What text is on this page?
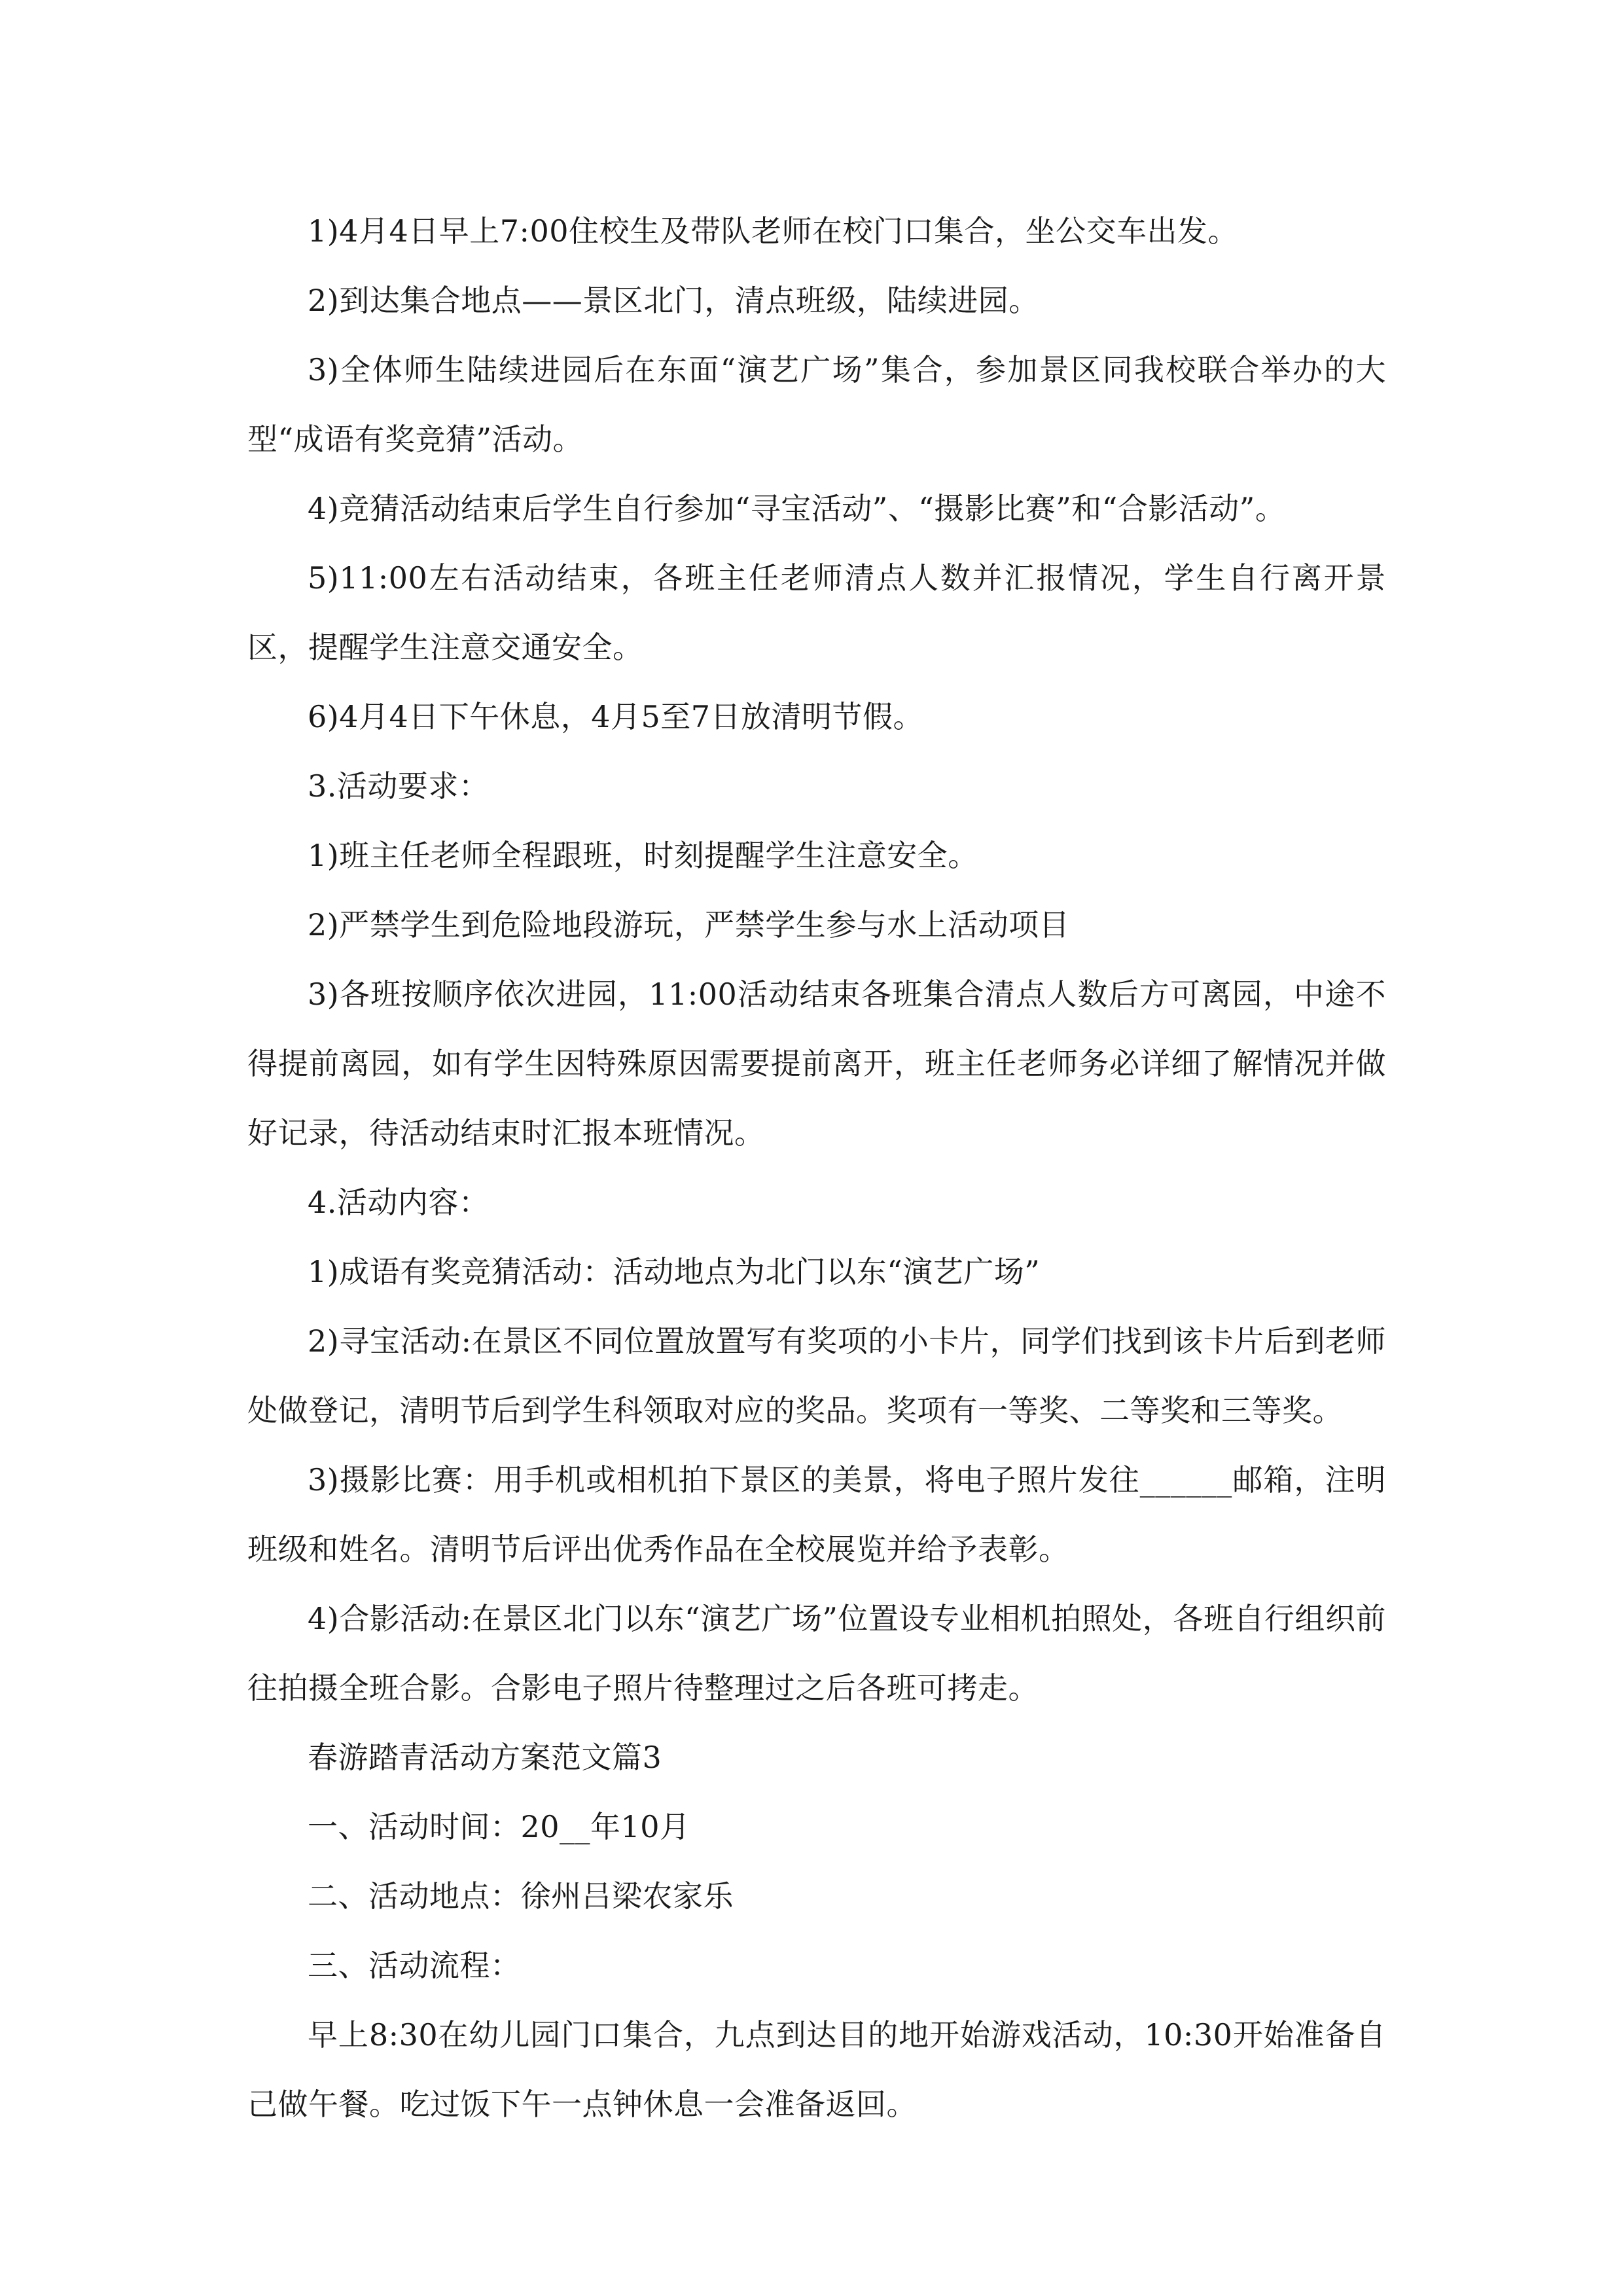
1)4月4日早上7:00住校生及带队老师在校门口集合，坐公交车出发。

2)到达集合地点——景区北门，清点班级，陆续进园。

3)全体师生陆续进园后在东面“演艺广场”集合，参加景区同我校联合举办的大型“成语有奖竞猜”活动。

4)竞猜活动结束后学生自行参加“寻宝活动”、“摄影比赛”和“合影活动”。

5)11:00左右活动结束，各班主任老师清点人数并汇报情况，学生自行离开景区，提醒学生注意交通安全。

6)4月4日下午休息，4月5至7日放清明节假。

3.活动要求：

1)班主任老师全程跟班，时刻提醒学生注意安全。

2)严禁学生到危险地段游玩，严禁学生参与水上活动项目

3)各班按顺序依次进园，11:00活动结束各班集合清点人数后方可离园，中途不得提前离园，如有学生因特殊原因需要提前离开，班主任老师务必详细了解情况并做好记录，待活动结束时汇报本班情况。

4.活动内容：

1)成语有奖竞猜活动：活动地点为北门以东“演艺广场”

2)寻宝活动:在景区不同位置放置写有奖项的小卡片，同学们找到该卡片后到老师处做登记，清明节后到学生科领取对应的奖品。奖项有一等奖、二等奖和三等奖。

3)摄影比赛：用手机或相机拍下景区的美景，将电子照片发往______邮箱，注明班级和姓名。清明节后评出优秀作品在全校展览并给予表彰。

4)合影活动:在景区北门以东“演艺广场”位置设专业相机拍照处，各班自行组织前往拍摄全班合影。合影电子照片待整理过之后各班可拷走。

春游踏青活动方案范文篇3

一、活动时间：20__年10月

二、活动地点：徐州吕梁农家乐

三、活动流程：

早上8:30在幼儿园门口集合，九点到达目的地开始游戏活动，10:30开始准备自己做午餐。吃过饭下午一点钟休息一会准备返回。
